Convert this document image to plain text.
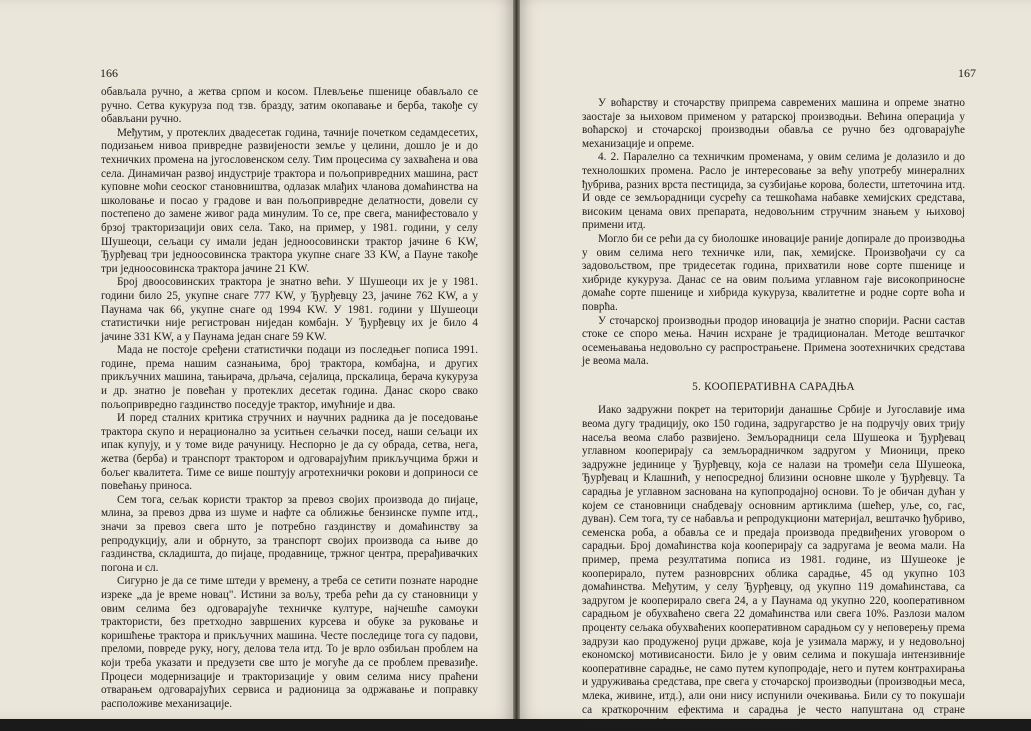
166

обављала ручно, а жетва српом и косом. Плевљење пшенице обављало се ручно. Сетва кукуруза под тзв. бразду, затим окопавање и берба, такође су обављани ручно.

Међутим, у протеклих двадесетак година, тачније почетком седамдесетих, подизањем нивоа привредне развијености земље у целини, дошло је и до техничких промена на југословенском селу. Тим процесима су захваћена и ова села. Динамичан развој индустрије трактора и пољопривредних машина, раст куповне моћи сеоског становништва, одлазак млађих чланова домаћинства на школовање и посао у градове и ван пољопривредне делатности, довели су постепено до замене живог рада минулим. То се, пре свега, манифестовало у брзој тракторизацији ових села. Тако, на пример, у 1981. години, у селу Шушеоци, сељаци су имали један једноосовински трактор јачине 6 KW, Ђурђевац три једноосовинска трактора укупне снаге 33 KW, а Пауне такође три једноосовинска трактора јачине 21 KW.

Број двоосовинских трактора је знатно већи. У Шушеоци их је у 1981. години било 25, укупне снаге 777 KW, у Ђурђевцу 23, јачине 762 KW, а у Паунама чак 66, укупне снаге од 1994 KW. У 1981. години у Шушеоци статистички није регистрован ниједан комбајн. У Ђурђевцу их је било 4 јачине 331 KW, а у Паунама један снаге 59 KW.

Мада не постоје сређени статистички подаци из последњег пописа 1991. године, према нашим сазнањима, број трактора, комбајна, и других прикључних машина, тањирача, дрљача, сејалица, прскалица, берача кукуруза и др. знатно је повећан у протеклих десетак година. Данас скоро свако пољопривредно газдинство поседује трактор, имућније и два.

И поред сталних критика стручних и научних радника да је поседовање трактора скупо и нерационално за уситњен сељачки посед, наши сељаци их ипак купују, и у томе виде рачуницу. Неспорно је да су обрада, сетва, нега, жетва (берба) и транспорт трактором и одговарајућим прикључцима бржи и бољег квалитета. Тиме се више поштују агротехнички рокови и доприноси се повећању приноса.

Сем тога, сељак користи трактор за превоз својих производа до пијаце, млина, за превоз дрва из шуме и нафте са оближње бензинске пумпе итд., значи за превоз свега што је потребно газдинству и домаћинству за репродукцију, али и обрнуто, за транспорт својих производа са њиве до газдинства, складишта, до пијаце, продавнице, тржног центра, прерађивачких погона и сл.

Сигурно је да се тиме штеди у времену, а треба се сетити познате народне изреке „да је време новац". Истини за вољу, треба рећи да су становници у овим селима без одговарајуће техничке културе, најчешће самоуки трактористи, без претходно завршених курсева и обуке за руковање и коришћење трактора и прикључних машина. Честе последице тога су падови, преломи, повреде руку, ногу, делова тела итд. То је врло озбиљан проблем на који треба указати и предузети све што је могуће да се проблем превазиђе. Процеси модернизације и тракторизације у овим селима нису праћени отварањем одговарајућих сервиса и радионица за одржавање и поправку расположиве механизације.

167

У воћарству и сточарству припрема савремених машина и опреме знатно заостаје за њиховом применом у ратарској производњи. Већина операција у воћарској и сточарској производњи обавља се ручно без одговарајуће механизације и опреме.

4. 2. Паралелно са техничким променама, у овим селима је долазило и до технолошких промена. Расло је интересовање за већу употребу минералних ђубрива, разних врста пестицида, за сузбијање корова, болести, штеточина итд. И овде се земљорадници сусрећу са тешкоћама набавке хемијских средстава, високим ценама ових препарата, недовољним стручним знањем у њиховој примени итд.

Могло би се рећи да су биолошке иновације раније допирале до производња у овим селима него техничке или, пак, хемијске. Произвођачи су са задовољством, пре тридесетак година, прихватили нове сорте пшенице и хибриде кукуруза. Данас се на овим пољима углавном гаје високоприносне домаће сорте пшенице и хибрида кукуруза, квалитетне и родне сорте воћа и поврћа.

У сточарској производњи продор иновација је знатно спорији. Расни састав стоке се споро мења. Начин исхране је традиционалан. Методе вештачког осемењавања недовољно су распрострањене. Примена зоотехничких средстава је веома мала.

5. КООПЕРАТИВНА САРАДЊА

Иако задружни покрет на територији данашње Србије и Југославије има веома дугу традицију, око 150 година, задругарство је на подручју ових трију насеља веома слабо развијено. Земљорадници села Шушеока и Ђурђевац углавном кооперирају са земљорадничком задругом у Мионици, преко задружне јединице у Ђурђевцу, која се налази на тромеђи села Шушеока, Ђурђевац и Клашнић, у непосредној близини основне школе у Ђурђевцу. Та сарадња је углавном заснована на купопродајној основи. То је обичан дућан у којем се становници снабдевају основним артиклима (шећер, уље, со, гас, дуван). Сем тога, ту се набавља и репродукциони материјал, вештачко ђубриво, семенска роба, а обавља се и предаја производа предвиђених уговором о сарадњи. Број домаћинства која кооперирају са задругама је веома мали. На пример, према резултатима пописа из 1981. године, из Шушеоке је кооперирало, путем разноврсних облика сарадње, 45 од укупно 103 домаћинства. Међутим, у селу Ђурђевцу, од укупно 119 домаћинстава, са задругом је кооперирало свега 24, а у Паунама од укупно 220, кооперативном сарадњом је обухваћено свега 22 домаћинства или свега 10%. Разлози малом проценту сељака обухваћених кооперативном сарадњом су у неповерењу према задрузи као продуженој руци државе, која је узимала маржу, и у недовољној економској мотивисаности. Било је у овим селима и покушаја интензивније кооперативне сарадње, не само путем купопродаје, него и путем контрахирања и удруживања средстава, пре свега у сточарској производњи (производњи меса, млека, живине, итд.), али они нису испунили очекивања. Били су то покушаји са краткорочним ефектима и сарадња је често напуштана од стране земљорадника. Мотиви сељака у тој сарадњи
